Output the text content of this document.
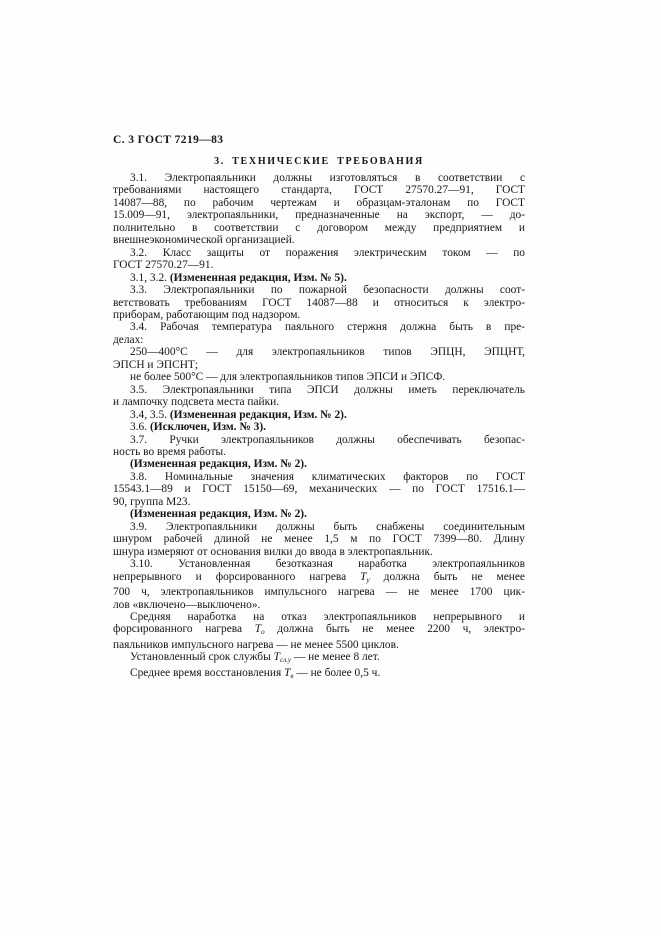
С. 3 ГОСТ 7219—83
3. ТЕХНИЧЕСКИЕ ТРЕБОВАНИЯ
3.1. Электропаяльники должны изготовляться в соответствии с
требованиями настоящего стандарта, ГОСТ 27570.27—91, ГОСТ
14087—88, по рабочим чертежам и образцам-эталонам по ГОСТ
15.009—91, электропаяльники, предназначенные на экспорт, — до-
полнительно в соответствии с договором между предприятием и
внешнеэкономической организацией.
3.2. Класс защиты от поражения электрическим током — по
ГОСТ 27570.27—91.
3.1, 3.2. (Измененная редакция, Изм. № 5).
3.3. Электропаяльники по пожарной безопасности должны соот-
ветствовать требованиям ГОСТ 14087—88 и относиться к электро-
приборам, работающим под надзором.
3.4. Рабочая температура паяльного стержня должна быть в пре-
делах:
250—400°С — для электропаяльников типов ЭПЦН, ЭПЦНТ,
ЭПСН и ЭПСНТ;
не более 500°С — для электропаяльников типов ЭПСИ и ЭПСФ.
3.5. Электропаяльники типа ЭПСИ должны иметь переключатель
и лампочку подсвета места пайки.
3.4, 3.5. (Измененная редакция, Изм. № 2).
3.6. (Исключен, Изм. № 3).
3.7. Ручки электропаяльников должны обеспечивать безопас-
ность во время работы.
(Измененная редакция, Изм. № 2).
3.8. Номинальные значения климатических факторов по ГОСТ
15543.1—89 и ГОСТ 15150—69, механических — по ГОСТ 17516.1—
90, группа М23.
(Измененная редакция, Изм. № 2).
3.9. Электропаяльники должны быть снабжены соединительным
шнуром рабочей длиной не менее 1,5 м по ГОСТ 7399—80. Длину
шнура измеряют от основания вилки до ввода в электропаяльник.
3.10. Установленная безотказная наработка электропаяльников
непрерывного и форсированного нагрева Ту должна быть не менее
700 ч, электропаяльников импульсного нагрева — не менее 1700 цик-
лов «включено—выключено».
Средняя наработка на отказ электропаяльников непрерывного и
форсированного нагрева То должна быть не менее 2200 ч, электро-
паяльников импульсного нагрева — не менее 5500 циклов.
Установленный срок службы Тсл.у — не менее 8 лет.
Среднее время восстановления Тв — не более 0,5 ч.
